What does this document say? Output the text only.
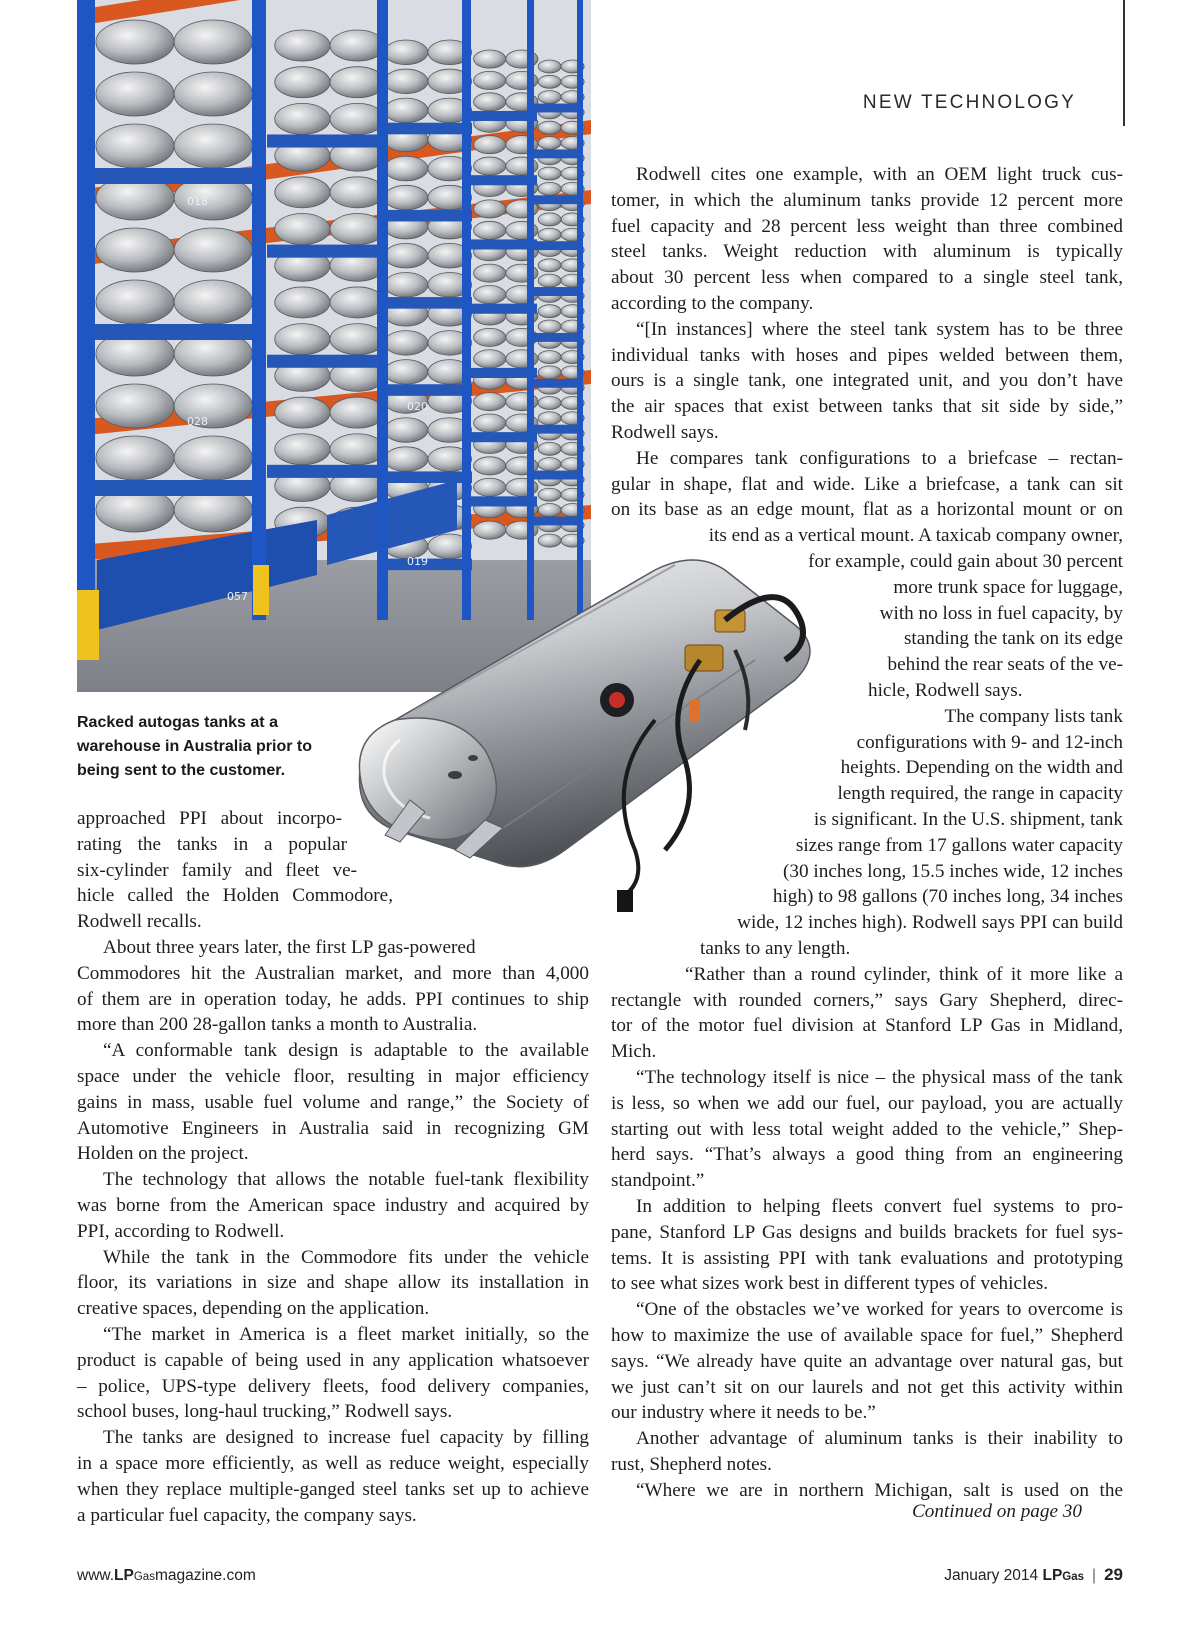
NEW TECHNOLOGY
018
028
057
020
019
Racked autogas tanks at a
warehouse in Australia prior to
being sent to the customer.
approached PPI about incorpo-
rating the tanks in a popular
six-cylinder family and fleet ve-
hicle called the Holden Commodore,
Rodwell recalls.
About three years later, the first LP gas-powered
Commodores hit the Australian market, and more than 4,000
of them are in operation today, he adds. PPI continues to ship
more than 200 28-gallon tanks a month to Australia.
“A conformable tank design is adaptable to the available
space under the vehicle floor, resulting in major efficiency
gains in mass, usable fuel volume and range,” the Society of
Automotive Engineers in Australia said in recognizing GM
Holden on the project.
The technology that allows the notable fuel-tank flexibility
was borne from the American space industry and acquired by
PPI, according to Rodwell.
While the tank in the Commodore fits under the vehicle
floor, its variations in size and shape allow its installation in
creative spaces, depending on the application.
“The market in America is a fleet market initially, so the
product is capable of being used in any application whatsoever
– police, UPS-type delivery fleets, food delivery companies,
school buses, long-haul trucking,” Rodwell says.
The tanks are designed to increase fuel capacity by filling
in a space more efficiently, as well as reduce weight, especially
when they replace multiple-ganged steel tanks set up to achieve
a particular fuel capacity, the company says.
Rodwell cites one example, with an OEM light truck cus-
tomer, in which the aluminum tanks provide 12 percent more
fuel capacity and 28 percent less weight than three combined
steel tanks. Weight reduction with aluminum is typically
about 30 percent less when compared to a single steel tank,
according to the company.
“[In instances] where the steel tank system has to be three
individual tanks with hoses and pipes welded between them,
ours is a single tank, one integrated unit, and you don’t have
the air spaces that exist between tanks that sit side by side,”
Rodwell says.
He compares tank configurations to a briefcase – rectan-
gular in shape, flat and wide. Like a briefcase, a tank can sit
on its base as an edge mount, flat as a horizontal mount or on
its end as a vertical mount. A taxicab company owner,
for example, could gain about 30 percent
more trunk space for luggage,
with no loss in fuel capacity, by
standing the tank on its edge
behind the rear seats of the ve-
hicle, Rodwell says.
The company lists tank
configurations with 9- and 12-inch
heights. Depending on the width and
length required, the range in capacity
is significant. In the U.S. shipment, tank
sizes range from 17 gallons water capacity
(30 inches long, 15.5 inches wide, 12 inches
high) to 98 gallons (70 inches long, 34 inches
wide, 12 inches high). Rodwell says PPI can build
tanks to any length.
“Rather than a round cylinder, think of it more like a
rectangle with rounded corners,” says Gary Shepherd, direc-
tor of the motor fuel division at Stanford LP Gas in Midland,
Mich.
“The technology itself is nice – the physical mass of the tank
is less, so when we add our fuel, our payload, you are actually
starting out with less total weight added to the vehicle,” Shep-
herd says. “That’s always a good thing from an engineering
standpoint.”
In addition to helping fleets convert fuel systems to pro-
pane, Stanford LP Gas designs and builds brackets for fuel sys-
tems. It is assisting PPI with tank evaluations and prototyping
to see what sizes work best in different types of vehicles.
“One of the obstacles we’ve worked for years to overcome is
how to maximize the use of available space for fuel,” Shepherd
says. “We already have quite an advantage over natural gas, but
we just can’t sit on our laurels and not get this activity within
our industry where it needs to be.”
Another advantage of aluminum tanks is their inability to
rust, Shepherd notes.
“Where we are in northern Michigan, salt is used on the
Continued on page 30
www.LPGasmagazine.com	January 2014 LPGas | 29
